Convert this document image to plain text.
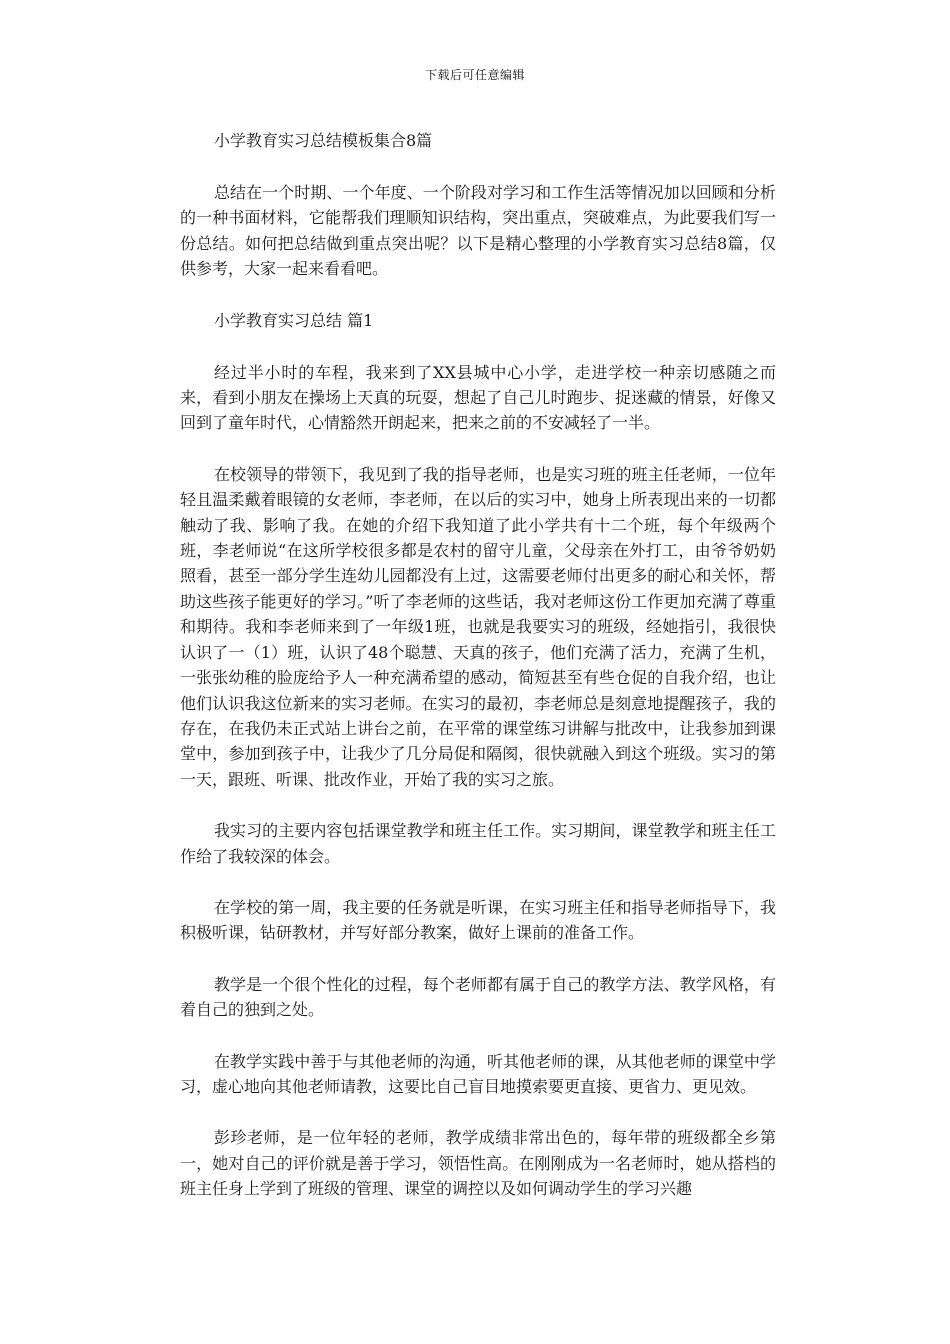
下载后可任意编辑

小学教育实习总结模板集合8篇

总结在一个时期、一个年度、一个阶段对学习和工作生活等情况加以回顾和分析的一种书面材料，它能帮我们理顺知识结构，突出重点，突破难点，为此要我们写一份总结。如何把总结做到重点突出呢？以下是精心整理的小学教育实习总结8篇，仅供参考，大家一起来看看吧。

小学教育实习总结 篇1

经过半小时的车程，我来到了XX县城中心小学，走进学校一种亲切感随之而来，看到小朋友在操场上天真的玩耍，想起了自己儿时跑步、捉迷藏的情景，好像又回到了童年时代，心情豁然开朗起来，把来之前的不安减轻了一半。

在校领导的带领下，我见到了我的指导老师，也是实习班的班主任老师，一位年轻且温柔戴着眼镜的女老师，李老师，在以后的实习中，她身上所表现出来的一切都触动了我、影响了我。在她的介绍下我知道了此小学共有十二个班，每个年级两个班，李老师说“在这所学校很多都是农村的留守儿童，父母亲在外打工，由爷爷奶奶照看，甚至一部分学生连幼儿园都没有上过，这需要老师付出更多的耐心和关怀，帮助这些孩子能更好的学习。”听了李老师的这些话，我对老师这份工作更加充满了尊重和期待。我和李老师来到了一年级1班，也就是我要实习的班级，经她指引，我很快认识了一（1）班，认识了48个聪慧、天真的孩子，他们充满了活力，充满了生机，一张张幼稚的脸庞给予人一种充满希望的感动，简短甚至有些仓促的自我介绍，也让他们认识我这位新来的实习老师。在实习的最初，李老师总是刻意地提醒孩子，我的存在，在我仍未正式站上讲台之前，在平常的课堂练习讲解与批改中，让我参加到课堂中，参加到孩子中，让我少了几分局促和隔阂，很快就融入到这个班级。实习的第一天，跟班、听课、批改作业，开始了我的实习之旅。

我实习的主要内容包括课堂教学和班主任工作。实习期间，课堂教学和班主任工作给了我较深的体会。

在学校的第一周，我主要的任务就是听课，在实习班主任和指导老师指导下，我积极听课，钻研教材，并写好部分教案，做好上课前的准备工作。

教学是一个很个性化的过程，每个老师都有属于自己的教学方法、教学风格，有着自己的独到之处。

在教学实践中善于与其他老师的沟通，听其他老师的课，从其他老师的课堂中学习，虚心地向其他老师请教，这要比自己盲目地摸索要更直接、更省力、更见效。

彭珍老师，是一位年轻的老师，教学成绩非常出色的，每年带的班级都全乡第一，她对自己的评价就是善于学习，领悟性高。在刚刚成为一名老师时，她从搭档的班主任身上学到了班级的管理、课堂的调控以及如何调动学生的学习兴趣
